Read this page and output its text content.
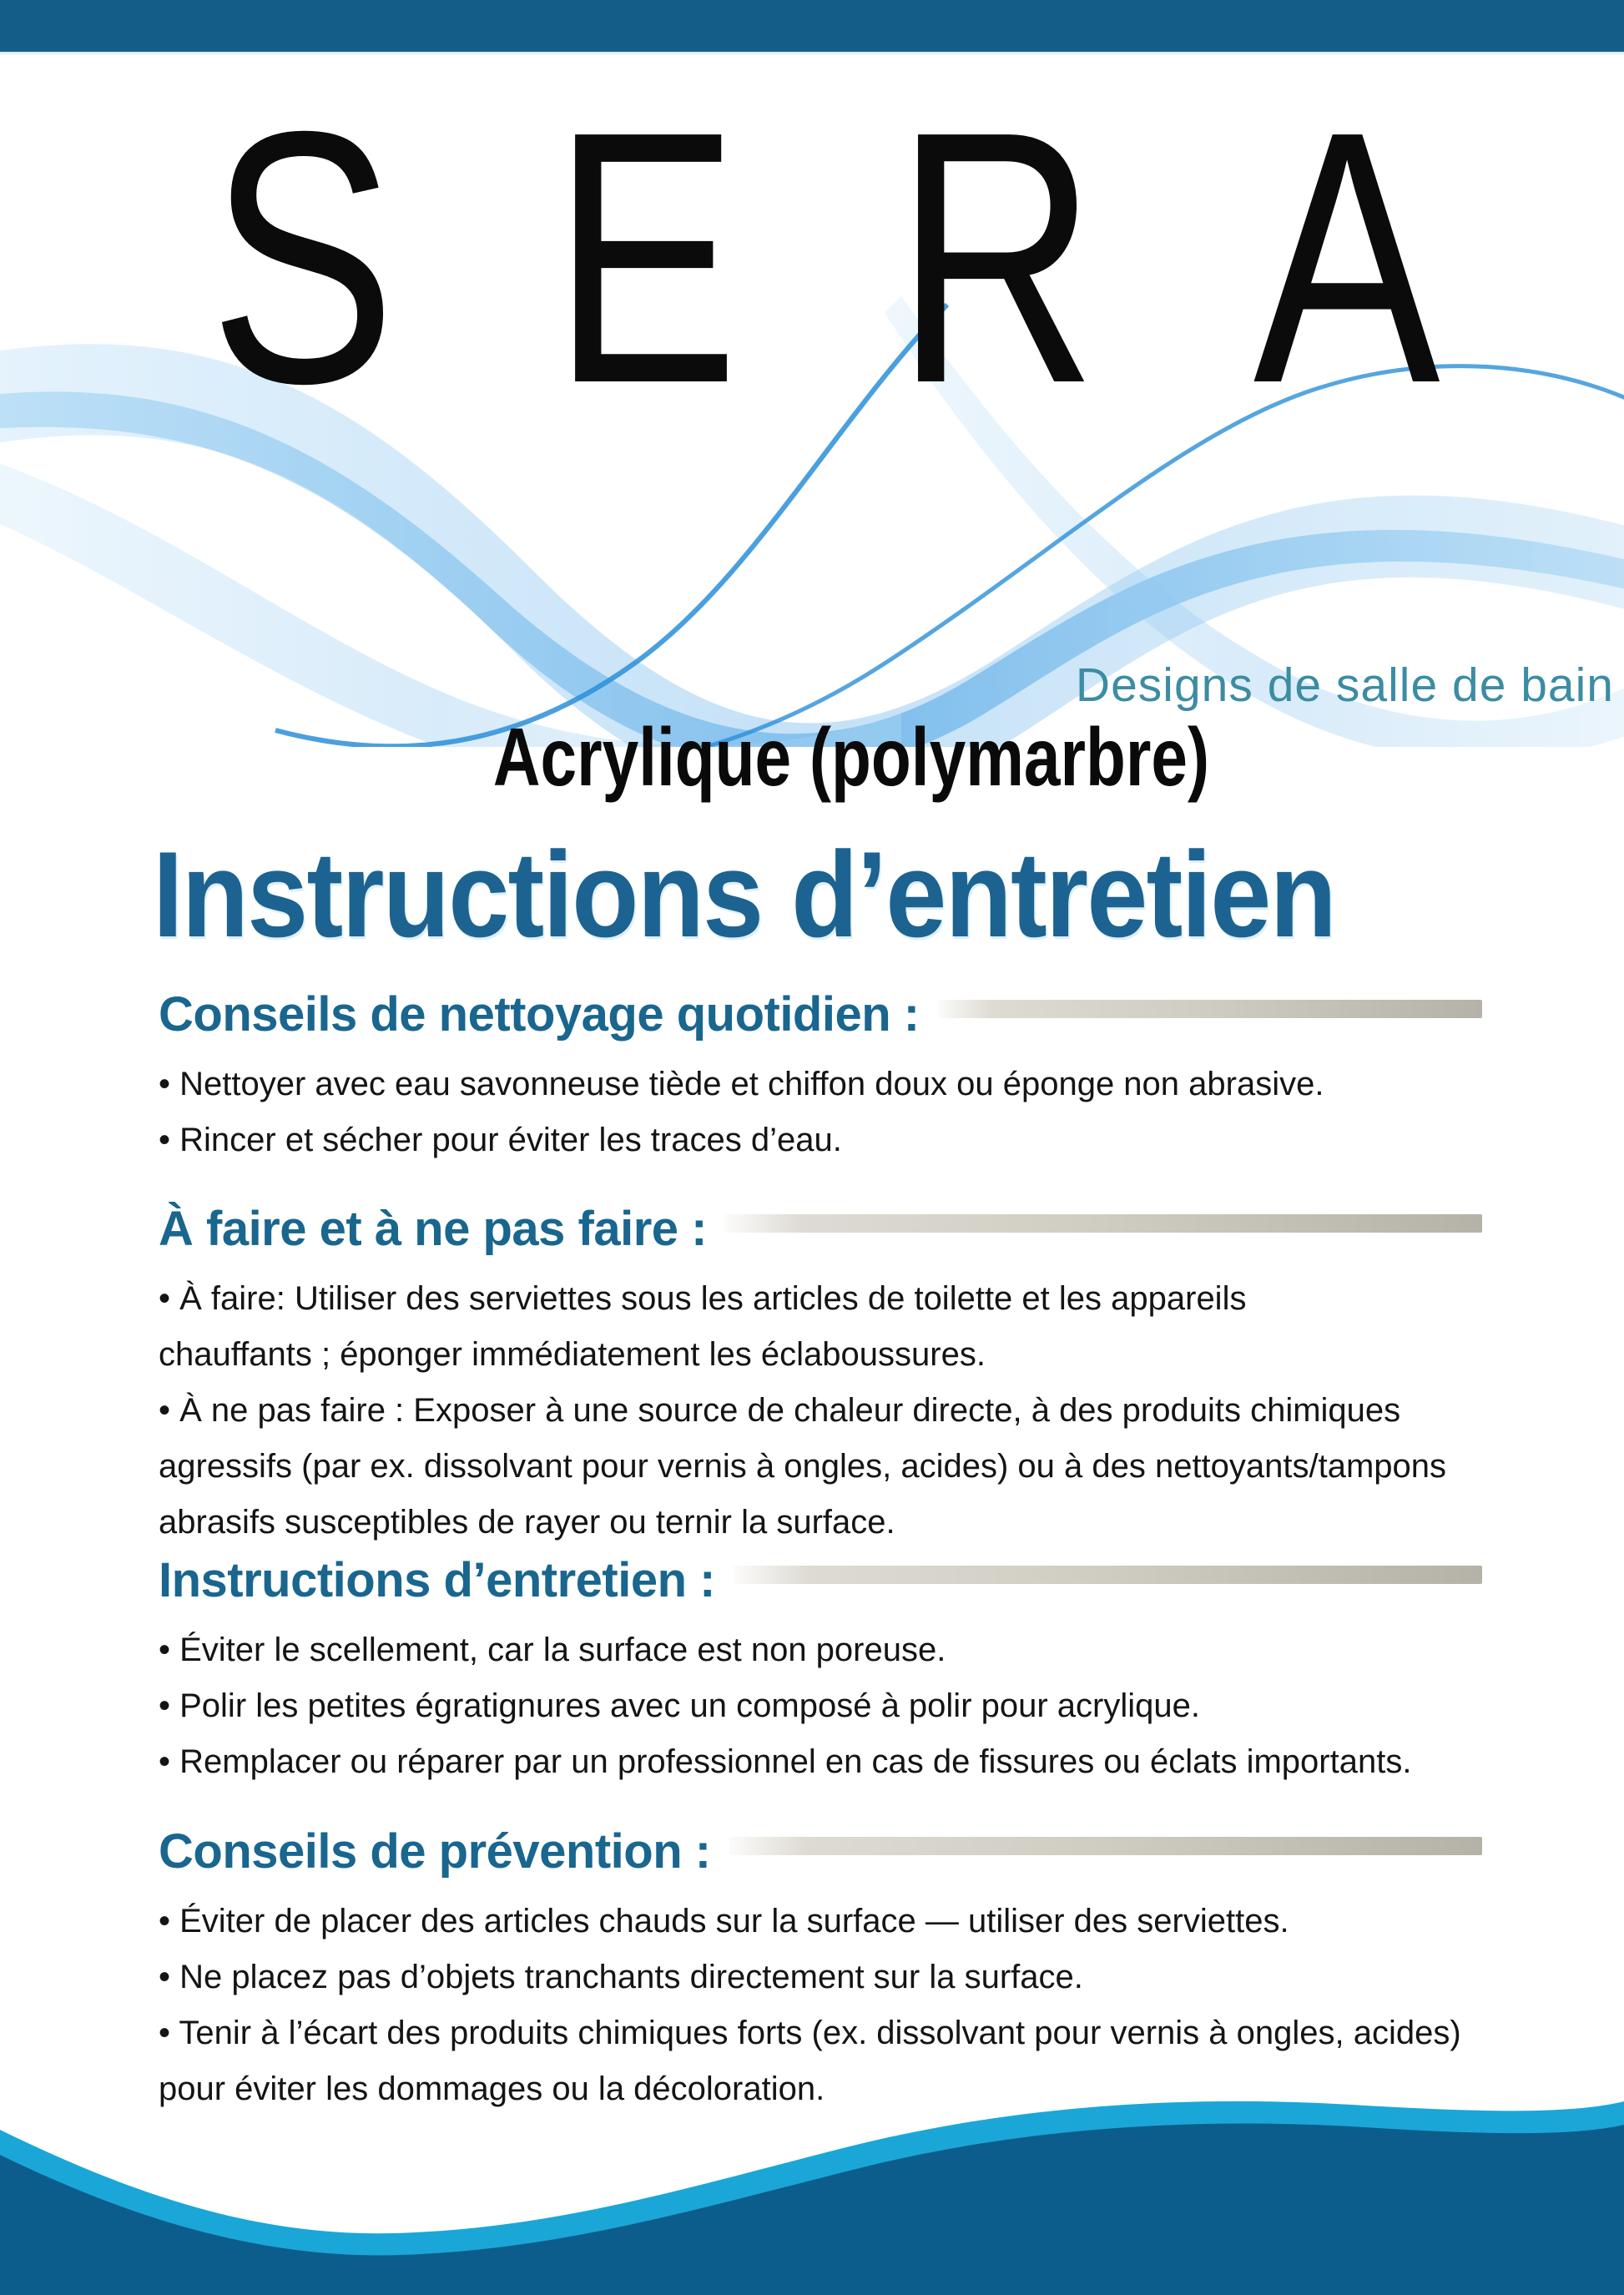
SERA
Designs de salle de bain
Acrylique (polymarbre)
Instructions d’entretien
Conseils de nettoyage quotidien :
• Nettoyer avec eau savonneuse tiède et chiffon doux ou éponge non abrasive.
• Rincer et sécher pour éviter les traces d’eau.
À faire et à ne pas faire :
• À faire: Utiliser des serviettes sous les articles de toilette et les appareils
chauffants ; éponger immédiatement les éclaboussures.
• À ne pas faire : Exposer à une source de chaleur directe, à des produits chimiques
agressifs (par ex. dissolvant pour vernis à ongles, acides) ou à des nettoyants/tampons
abrasifs susceptibles de rayer ou ternir la surface.
Instructions d’entretien :
• Éviter le scellement, car la surface est non poreuse.
• Polir les petites égratignures avec un composé à polir pour acrylique.
• Remplacer ou réparer par un professionnel en cas de fissures ou éclats importants.
Conseils de prévention :
• Éviter de placer des articles chauds sur la surface — utiliser des serviettes.
• Ne placez pas d’objets tranchants directement sur la surface.
• Tenir à l’écart des produits chimiques forts (ex. dissolvant pour vernis à ongles, acides)
pour éviter les dommages ou la décoloration.
